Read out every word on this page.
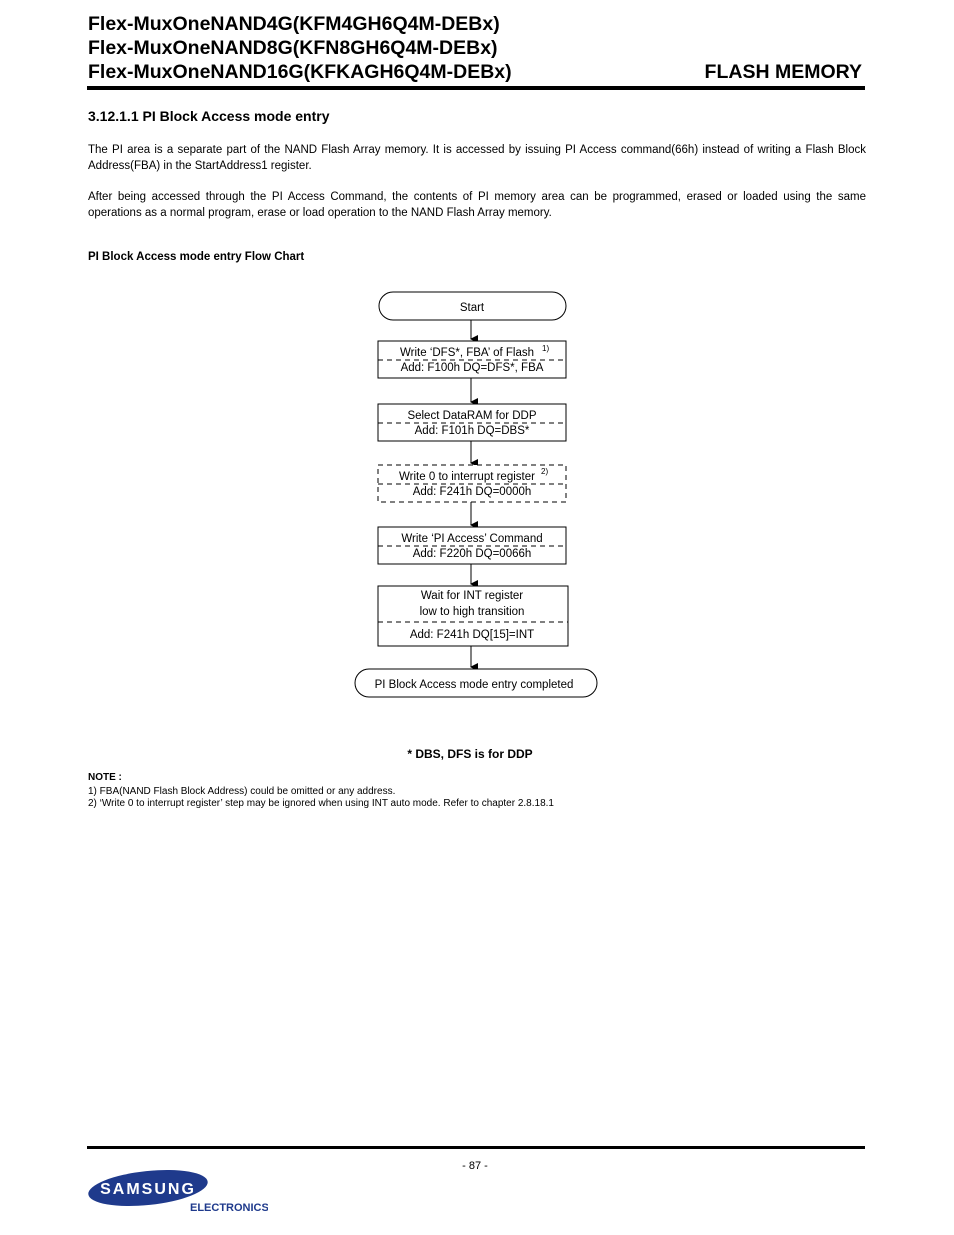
Flex-MuxOneNAND4G(KFM4GH6Q4M-DEBx)
Flex-MuxOneNAND8G(KFN8GH6Q4M-DEBx)
Flex-MuxOneNAND16G(KFKAGH6Q4M-DEBx)	FLASH MEMORY
3.12.1.1 PI Block Access mode entry
The PI area is a separate part of the NAND Flash Array memory. It is accessed by issuing PI Access command(66h) instead of writing a Flash Block Address(FBA) in the StartAddress1 register.
After being accessed through the PI Access Command, the contents of PI memory area can be programmed, erased or loaded using the same operations as a normal program, erase or load operation to the NAND Flash Array memory.
PI Block Access mode entry Flow Chart
Start
Write ‘DFS*, FBA’ of Flash 1)
Add: F100h DQ=DFS*, FBA
Select DataRAM for DDP
Add: F101h DQ=DBS*
Write 0 to interrupt register 2)
Add: F241h DQ=0000h
Write ‘PI Access’ Command
Add: F220h DQ=0066h
Wait for INT register
low to high transition
Add: F241h DQ[15]=INT
PI Block Access mode entry completed
* DBS, DFS is for DDP
NOTE :
1) FBA(NAND Flash Block Address) could be omitted or any address.
2) ‘Write 0 to interrupt register’ step may be ignored when using INT auto mode. Refer to chapter 2.8.18.1
- 87 -
SAMSUNG
ELECTRONICS
